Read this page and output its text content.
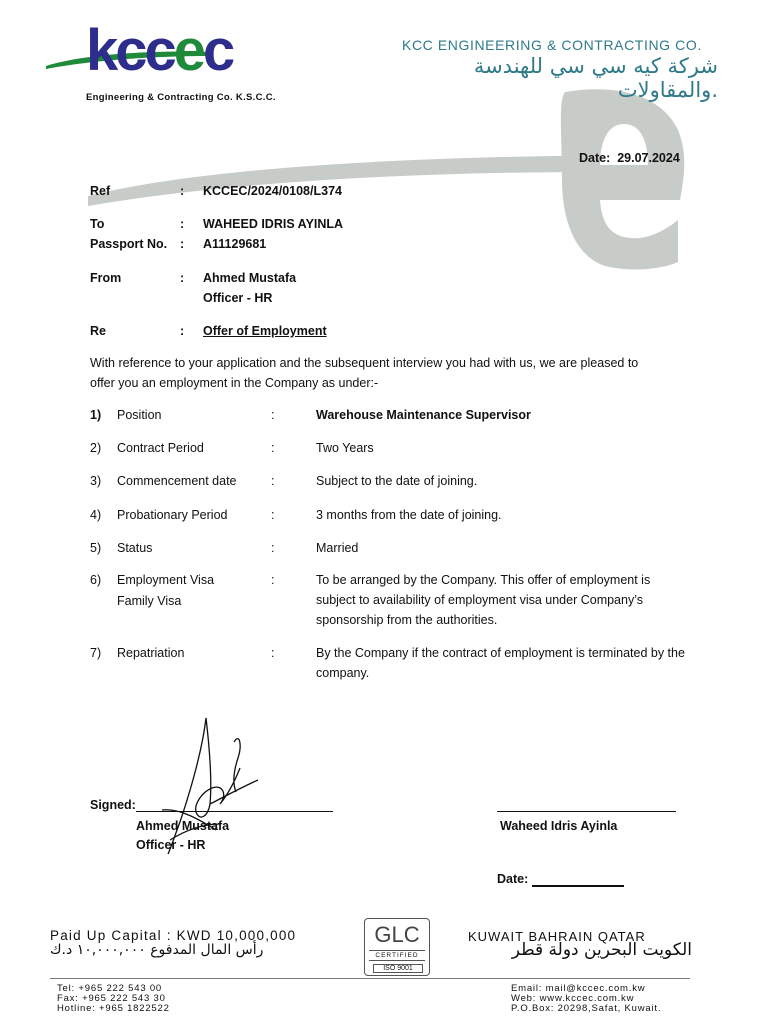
kccec
Engineering & Contracting Co. K.S.C.C.
KCC ENGINEERING & CONTRACTING CO.
شركة كيه سي سي للهندسة والمقاولات.
Date: 29.07.2024
Ref	: KCCEC/2024/0108/L374
To	: WAHEED IDRIS AYINLA
Passport No. : A11129681
From	: Ahmed Mustafa
Officer - HR
Re	: Offer of Employment
With reference to your application and the subsequent interview you had with us, we are pleased to
offer you an employment in the Company as under:-
1) Position	:	Warehouse Maintenance Supervisor
2) Contract Period	:	Two Years
3) Commencement date	:	Subject to the date of joining.
4) Probationary Period	:	3 months from the date of joining.
5) Status	:	Married
6) Employment Visa
Family Visa
:	To be arranged by the Company. This offer of employment is subject to availability of employment visa under Company’s sponsorship from the authorities.
7) Repatriation	:	By the Company if the contract of employment is terminated by the company.
Signed:
Ahmed Mustafa
Officer - HR
Waheed Idris Ayinla
Date:
Paid Up Capital : KWD 10,000,000
رأس المال المدفوع ١٠,٠٠٠,٠٠٠ د.ك
GLC
CERTIFIED
ISO 9001
KUWAIT BAHRAIN QATAR
الكويت البحرين دولة قطر
Tel: +965 222 543 00
Fax: +965 222 543 30
Hotline: +965 1822522
Email: mail@kccec.com.kw
Web: www.kccec.com.kw
P.O.Box: 20298,Safat, Kuwait.
